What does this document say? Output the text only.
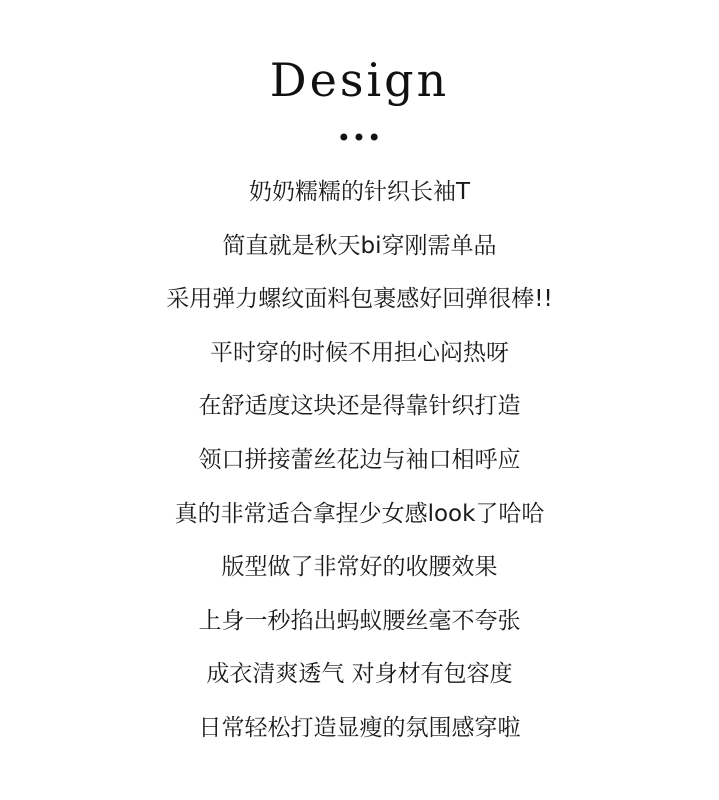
Design
•••
奶奶糯糯的针织长袖T
简直就是秋天bi穿刚需单品
采用弹力螺纹面料包裹感好回弹很棒!!
平时穿的时候不用担心闷热呀
在舒适度这块还是得靠针织打造
领口拼接蕾丝花边与袖口相呼应
真的非常适合拿捏少女感look了哈哈
版型做了非常好的收腰效果
上身一秒掐出蚂蚁腰丝毫不夸张
成衣清爽透气 对身材有包容度
日常轻松打造显瘦的氛围感穿啦
